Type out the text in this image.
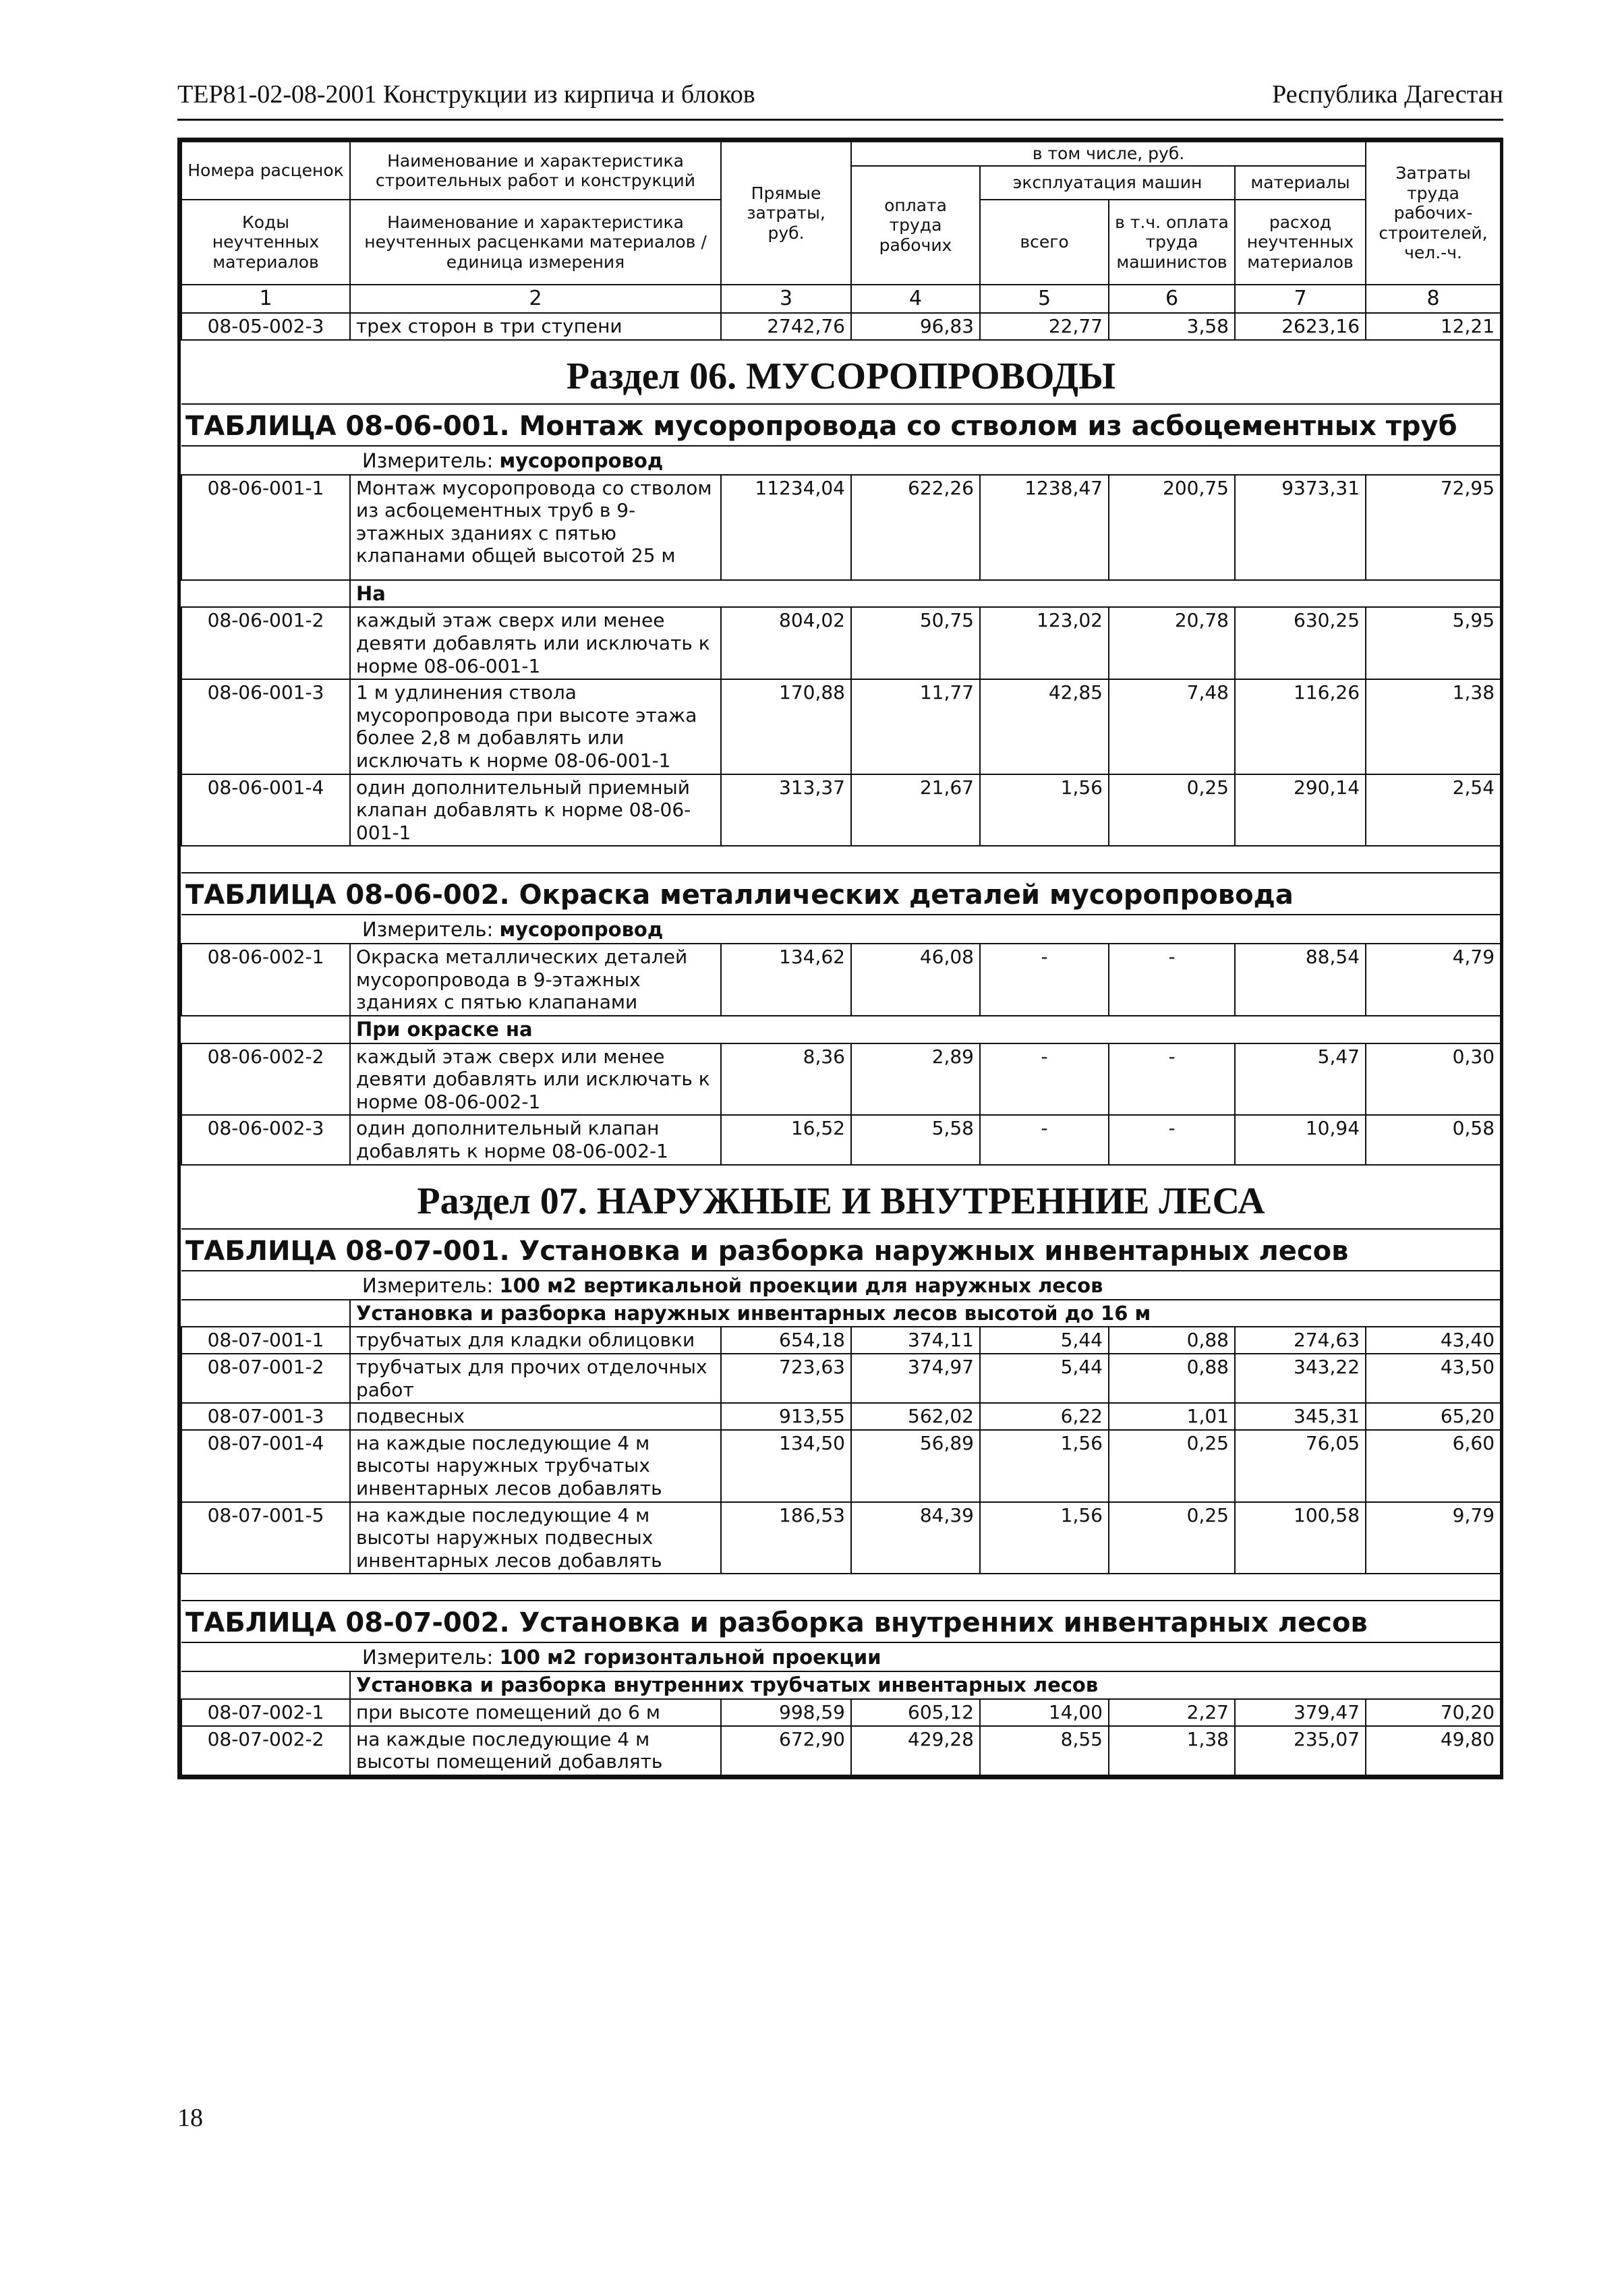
ТЕР81-02-08-2001 Конструкции из кирпича и блоков	Республика Дагестан
Номера расценок	Наименование и характеристика строительных работ и конструкций	Прямые затраты, руб.	в том числе, руб.				Затраты труда рабочих-строителей, чел.-ч.
			оплата труда рабочих	эксплуатация машин		материалы	
Коды неучтенных материалов	Наименование и характеристика неучтенных расценками материалов / единица измерения			всего	в т.ч. оплата труда машинистов	расход неучтенных материалов	

1	2	3	4	5	6	7	8
08-05-002-3	трех сторон в три ступени	2742,76	96,83	22,77	3,58	2623,16	12,21
Раздел 06. МУСОРОПРОВОДЫ							
ТАБЛИЦА 08-06-001. Монтаж мусоропровода со стволом из асбоцементных труб							
Измеритель: мусоропровод							
08-06-001-1	Монтаж мусоропровода со стволом из асбоцементных труб в 9-этажных зданиях с пятью клапанами общей высотой 25 м	11234,04	622,26	1238,47	200,75	9373,31	72,95
	На						
08-06-001-2	каждый этаж сверх или менее девяти добавлять или исключать к норме 08-06-001-1	804,02	50,75	123,02	20,78	630,25	5,95
08-06-001-3	1 м удлинения ствола мусоропровода при высоте этажа более 2,8 м добавлять или исключать к норме 08-06-001-1	170,88	11,77	42,85	7,48	116,26	1,38
08-06-001-4	один дополнительный приемный клапан добавлять к норме 08-06-001-1	313,37	21,67	1,56	0,25	290,14	2,54

ТАБЛИЦА 08-06-002. Окраска металлических деталей мусоропровода							
Измеритель: мусоропровод							
08-06-002-1	Окраска металлических деталей мусоропровода в 9-этажных зданиях с пятью клапанами	134,62	46,08	-	-	88,54	4,79
	При окраске на						
08-06-002-2	каждый этаж сверх или менее девяти добавлять или исключать к норме 08-06-002-1	8,36	2,89	-	-	5,47	0,30
08-06-002-3	один дополнительный клапан добавлять к норме 08-06-002-1	16,52	5,58	-	-	10,94	0,58
Раздел 07. НАРУЖНЫЕ И ВНУТРЕННИЕ ЛЕСА							
ТАБЛИЦА 08-07-001. Установка и разборка наружных инвентарных лесов							
Измеритель: 100 м2 вертикальной проекции для наружных лесов							
	Установка и разборка наружных инвентарных лесов высотой до 16 м						
08-07-001-1	трубчатых для кладки облицовки	654,18	374,11	5,44	0,88	274,63	43,40
08-07-001-2	трубчатых для прочих отделочных работ	723,63	374,97	5,44	0,88	343,22	43,50
08-07-001-3	подвесных	913,55	562,02	6,22	1,01	345,31	65,20
08-07-001-4	на каждые последующие 4 м высоты наружных трубчатых инвентарных лесов добавлять	134,50	56,89	1,56	0,25	76,05	6,60
08-07-001-5	на каждые последующие 4 м высоты наружных подвесных инвентарных лесов добавлять	186,53	84,39	1,56	0,25	100,58	9,79

ТАБЛИЦА 08-07-002. Установка и разборка внутренних инвентарных лесов							
Измеритель: 100 м2 горизонтальной проекции							
	Установка и разборка внутренних трубчатых инвентарных лесов						
08-07-002-1	при высоте помещений до 6 м	998,59	605,12	14,00	2,27	379,47	70,20
08-07-002-2	на каждые последующие 4 м высоты помещений добавлять	672,90	429,28	8,55	1,38	235,07	49,80
18
